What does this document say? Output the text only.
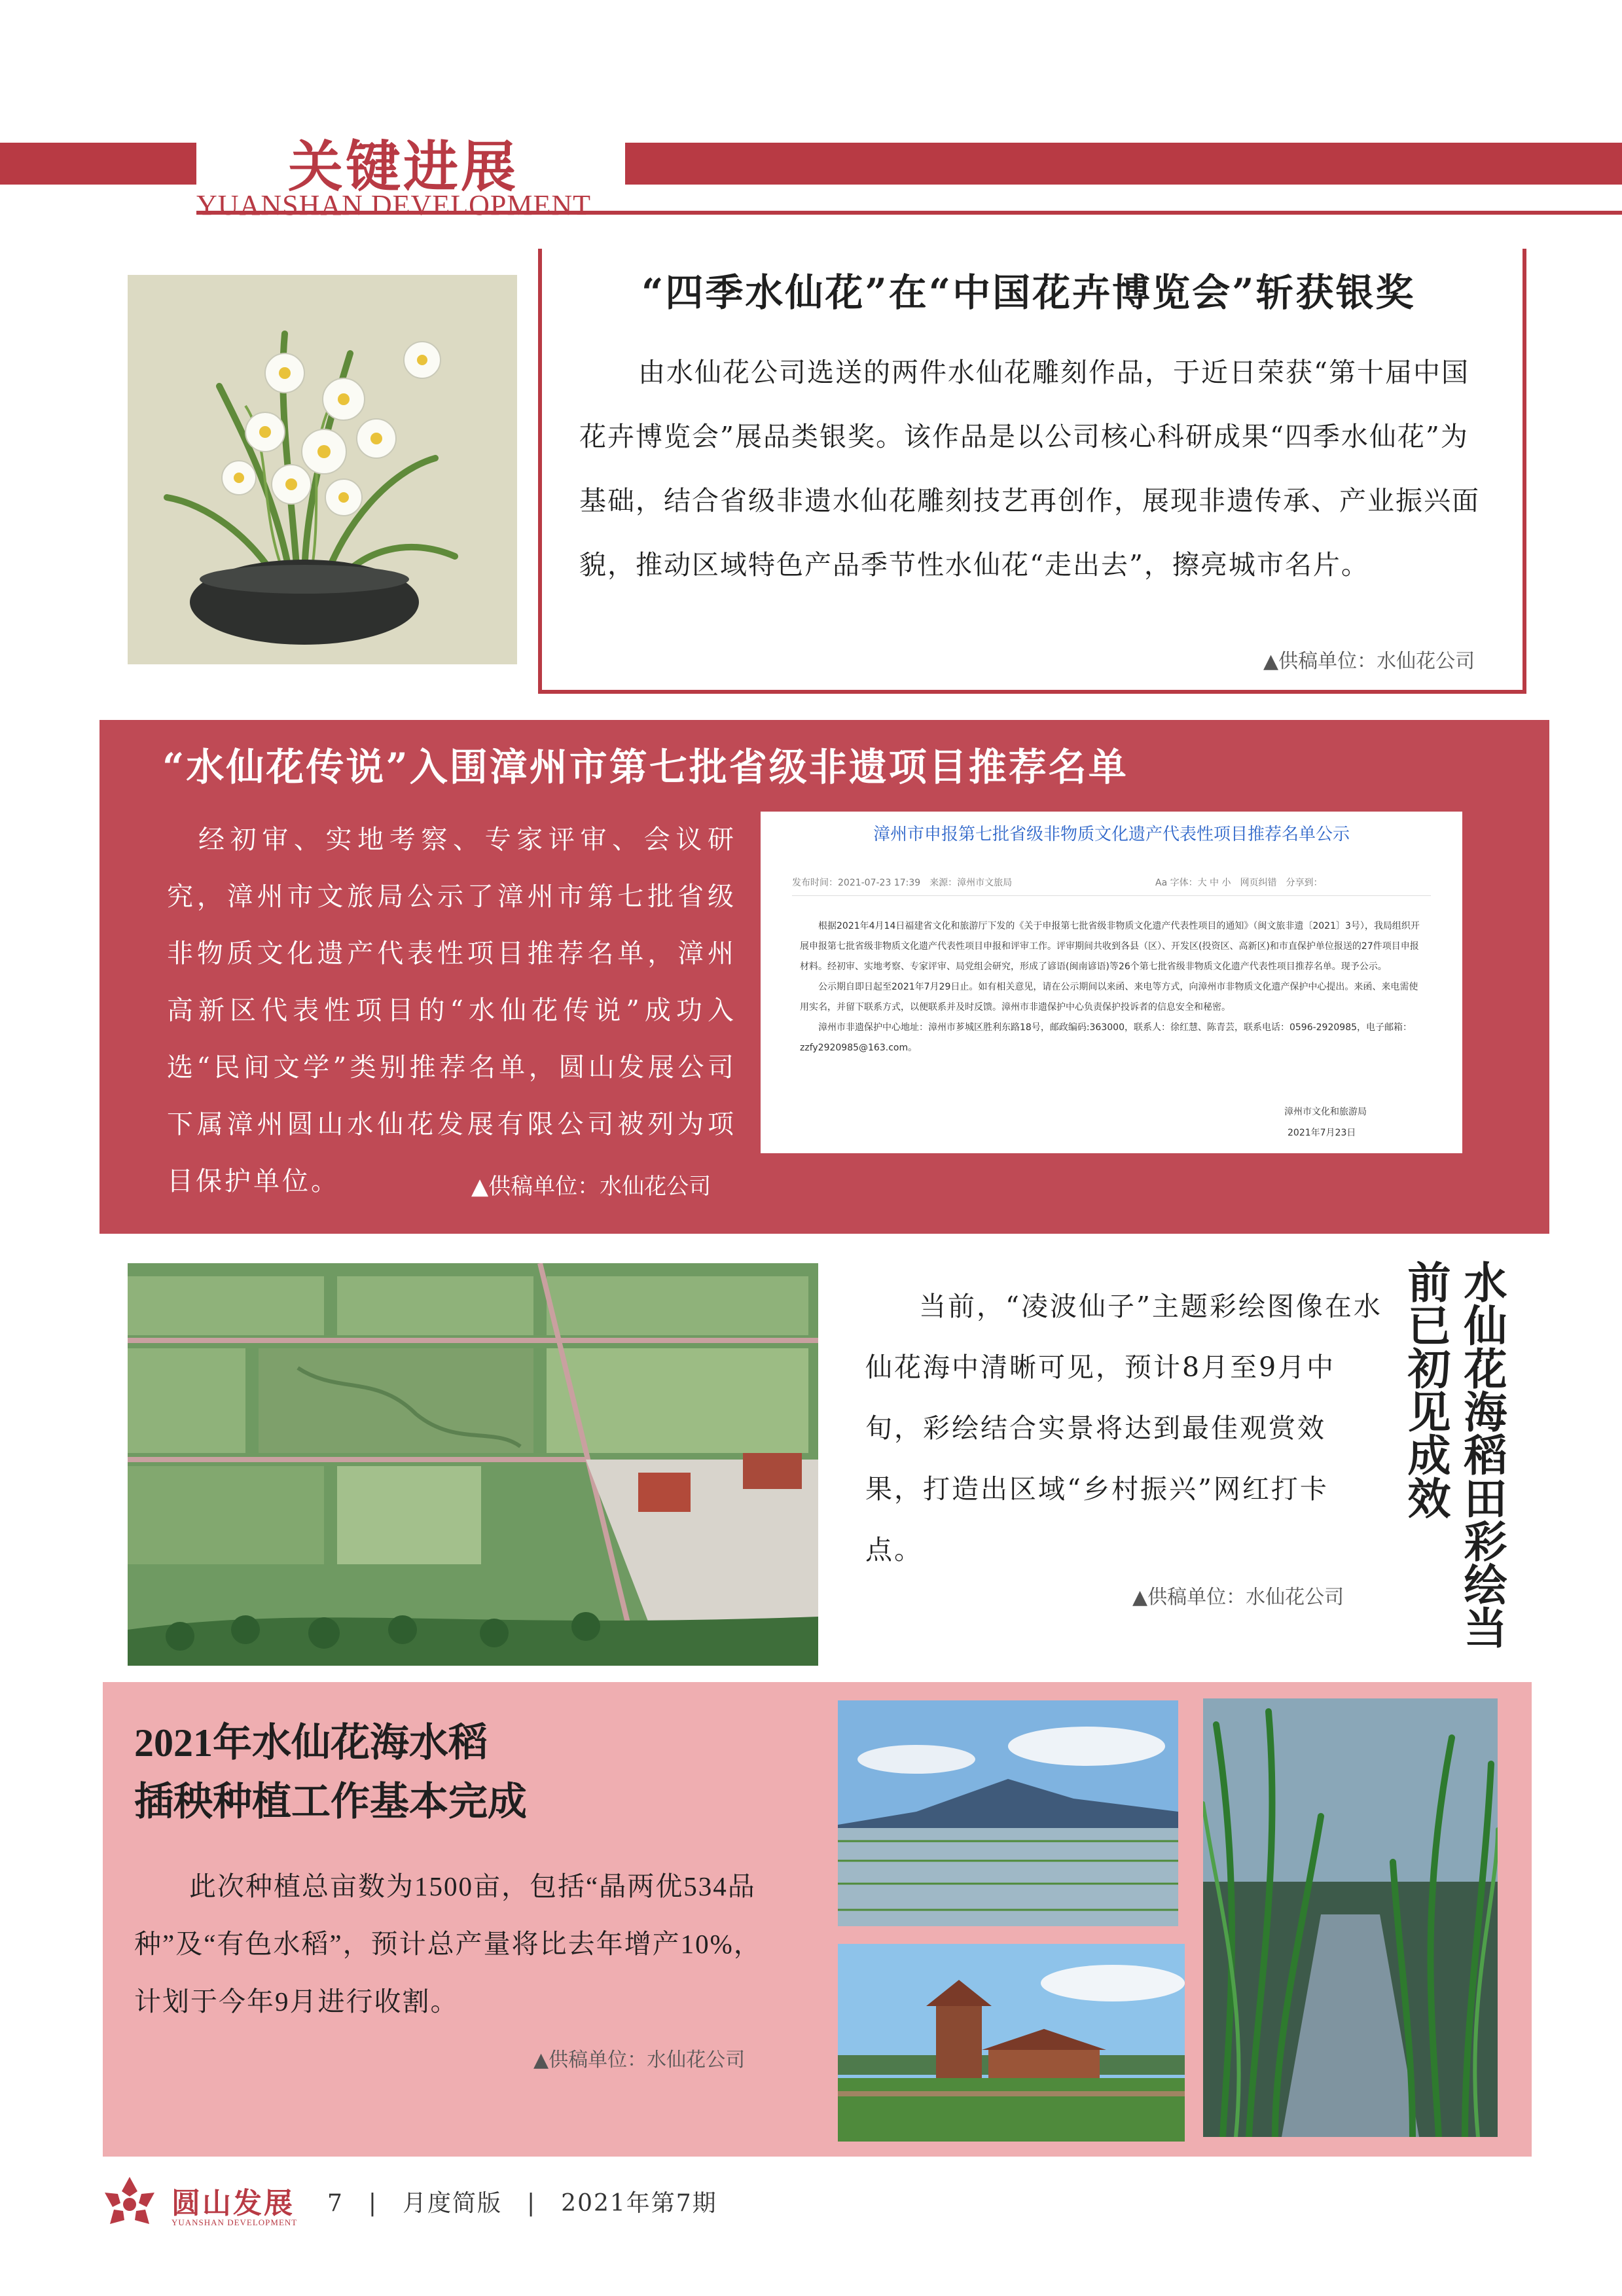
关键进展
YUANSHAN DEVELOPMENT
“四季水仙花”在“中国花卉博览会”斩获银奖
由水仙花公司选送的两件水仙花雕刻作品，于近日荣获“第十届中国花卉博览会”展品类银奖。该作品是以公司核心科研成果“四季水仙花”为基础，结合省级非遗水仙花雕刻技艺再创作，展现非遗传承、产业振兴面貌，推动区域特色产品季节性水仙花“走出去”，擦亮城市名片。
▲供稿单位：水仙花公司
“水仙花传说”入围漳州市第七批省级非遗项目推荐名单
经初审、实地考察、专家评审、会议研究，漳州市文旅局公示了漳州市第七批省级非物质文化遗产代表性项目推荐名单，漳州高新区代表性项目的“水仙花传说”成功入选“民间文学”类别推荐名单，圆山发展公司下属漳州圆山水仙花发展有限公司被列为项目保护单位。	▲供稿单位：水仙花公司
漳州市申报第七批省级非物质文化遗产代表性项目推荐名单公示
发布时间：2021-07-23 17:39　来源：漳州市文旅局	Aa 字体：大 中 小　网页纠错　分享到：

根据2021年4月14日福建省文化和旅游厅下发的《关于申报第七批省级非物质文化遗产代表性项目的通知》（闽文旅非遗〔2021〕3号），我局组织开展申报第七批省级非物质文化遗产代表性项目申报和评审工作。评审期间共收到各县（区）、开发区(投资区、高新区)和市直保护单位报送的27件项目申报材料。经初审、实地考察、专家评审、局党组会研究，形成了谚语(闽南谚语)等26个第七批省级非物质文化遗产代表性项目推荐名单。现予公示。

公示期自即日起至2021年7月29日止。如有相关意见，请在公示期间以来函、来电等方式，向漳州市非物质文化遗产保护中心提出。来函、来电需使用实名，并留下联系方式，以便联系并及时反馈。漳州市非遗保护中心负责保护投诉者的信息安全和秘密。

漳州市非遗保护中心地址：漳州市芗城区胜利东路18号，邮政编码:363000，联系人：徐红慧、陈青芸，联系电话：0596-2920985，电子邮箱：zzfy2920985@163.com。

漳州市文化和旅游局
2021年7月23日
当前，“凌波仙子”主题彩绘图像在水仙花海中清晰可见，预计8月至9月中旬，彩绘结合实景将达到最佳观赏效果，打造出区域“乡村振兴”网红打卡点。
▲供稿单位：水仙花公司	水仙花海稻田彩绘当前已初见成效
2021年水仙花海水稻
插秧种植工作基本完成
此次种植总亩数为1500亩，包括“晶两优534品种”及“有色水稻”，预计总产量将比去年增产10%，计划于今年9月进行收割。
▲供稿单位：水仙花公司
圆山发展
YUANSHAN DEVELOPMENT
7　|　月度简版　|　2021年第7期
